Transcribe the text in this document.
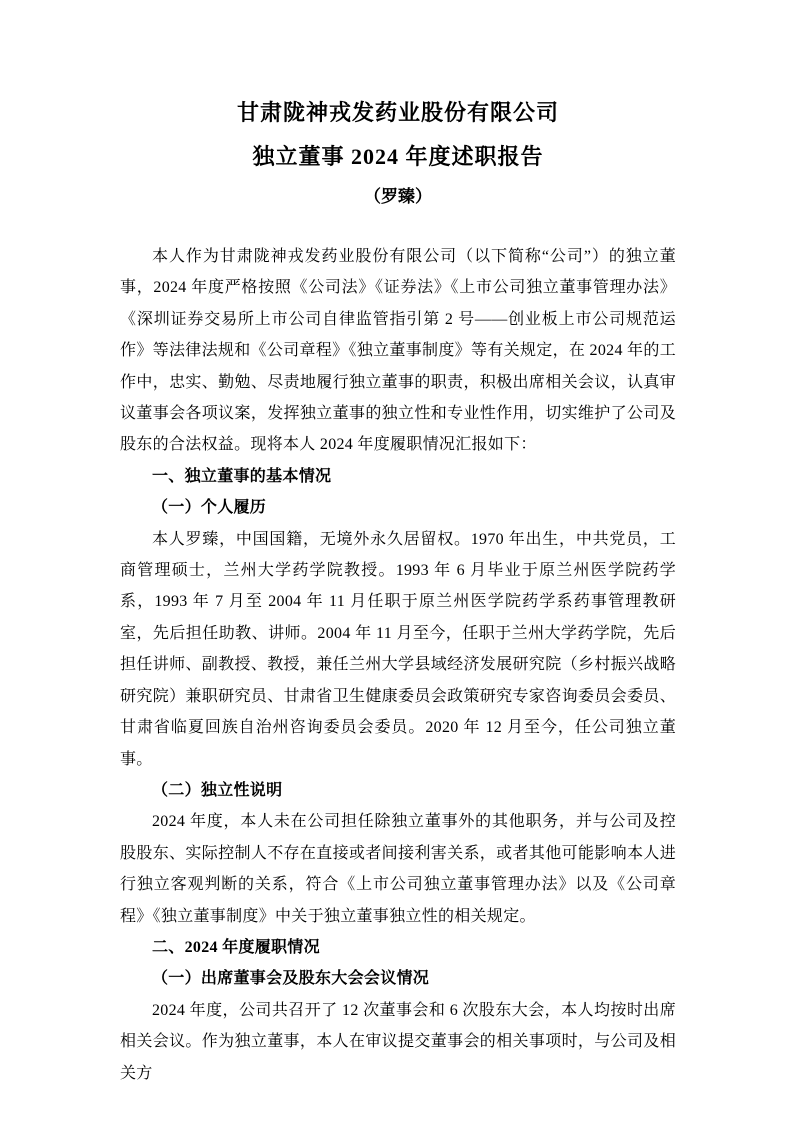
甘肃陇神戎发药业股份有限公司
独立董事 2024 年度述职报告
（罗臻）

本人作为甘肃陇神戎发药业股份有限公司（以下简称“公司”）的独立董事，2024 年度严格按照《公司法》《证券法》《上市公司独立董事管理办法》《深圳证券交易所上市公司自律监管指引第 2 号——创业板上市公司规范运作》等法律法规和《公司章程》《独立董事制度》等有关规定，在 2024 年的工作中，忠实、勤勉、尽责地履行独立董事的职责，积极出席相关会议，认真审议董事会各项议案，发挥独立董事的独立性和专业性作用，切实维护了公司及股东的合法权益。现将本人 2024 年度履职情况汇报如下：

一、独立董事的基本情况

（一）个人履历

本人罗臻，中国国籍，无境外永久居留权。1970 年出生，中共党员，工商管理硕士，兰州大学药学院教授。1993 年 6 月毕业于原兰州医学院药学系，1993 年 7 月至 2004 年 11 月任职于原兰州医学院药学系药事管理教研室，先后担任助教、讲师。2004 年 11 月至今，任职于兰州大学药学院，先后担任讲师、副教授、教授，兼任兰州大学县域经济发展研究院（乡村振兴战略研究院）兼职研究员、甘肃省卫生健康委员会政策研究专家咨询委员会委员、甘肃省临夏回族自治州咨询委员会委员。2020 年 12 月至今，任公司独立董事。

（二）独立性说明

2024 年度，本人未在公司担任除独立董事外的其他职务，并与公司及控股股东、实际控制人不存在直接或者间接利害关系，或者其他可能影响本人进行独立客观判断的关系，符合《上市公司独立董事管理办法》以及《公司章程》《独立董事制度》中关于独立董事独立性的相关规定。

二、2024 年度履职情况

（一）出席董事会及股东大会会议情况

2024 年度，公司共召开了 12 次董事会和 6 次股东大会，本人均按时出席相关会议。作为独立董事，本人在审议提交董事会的相关事项时，与公司及相关方
